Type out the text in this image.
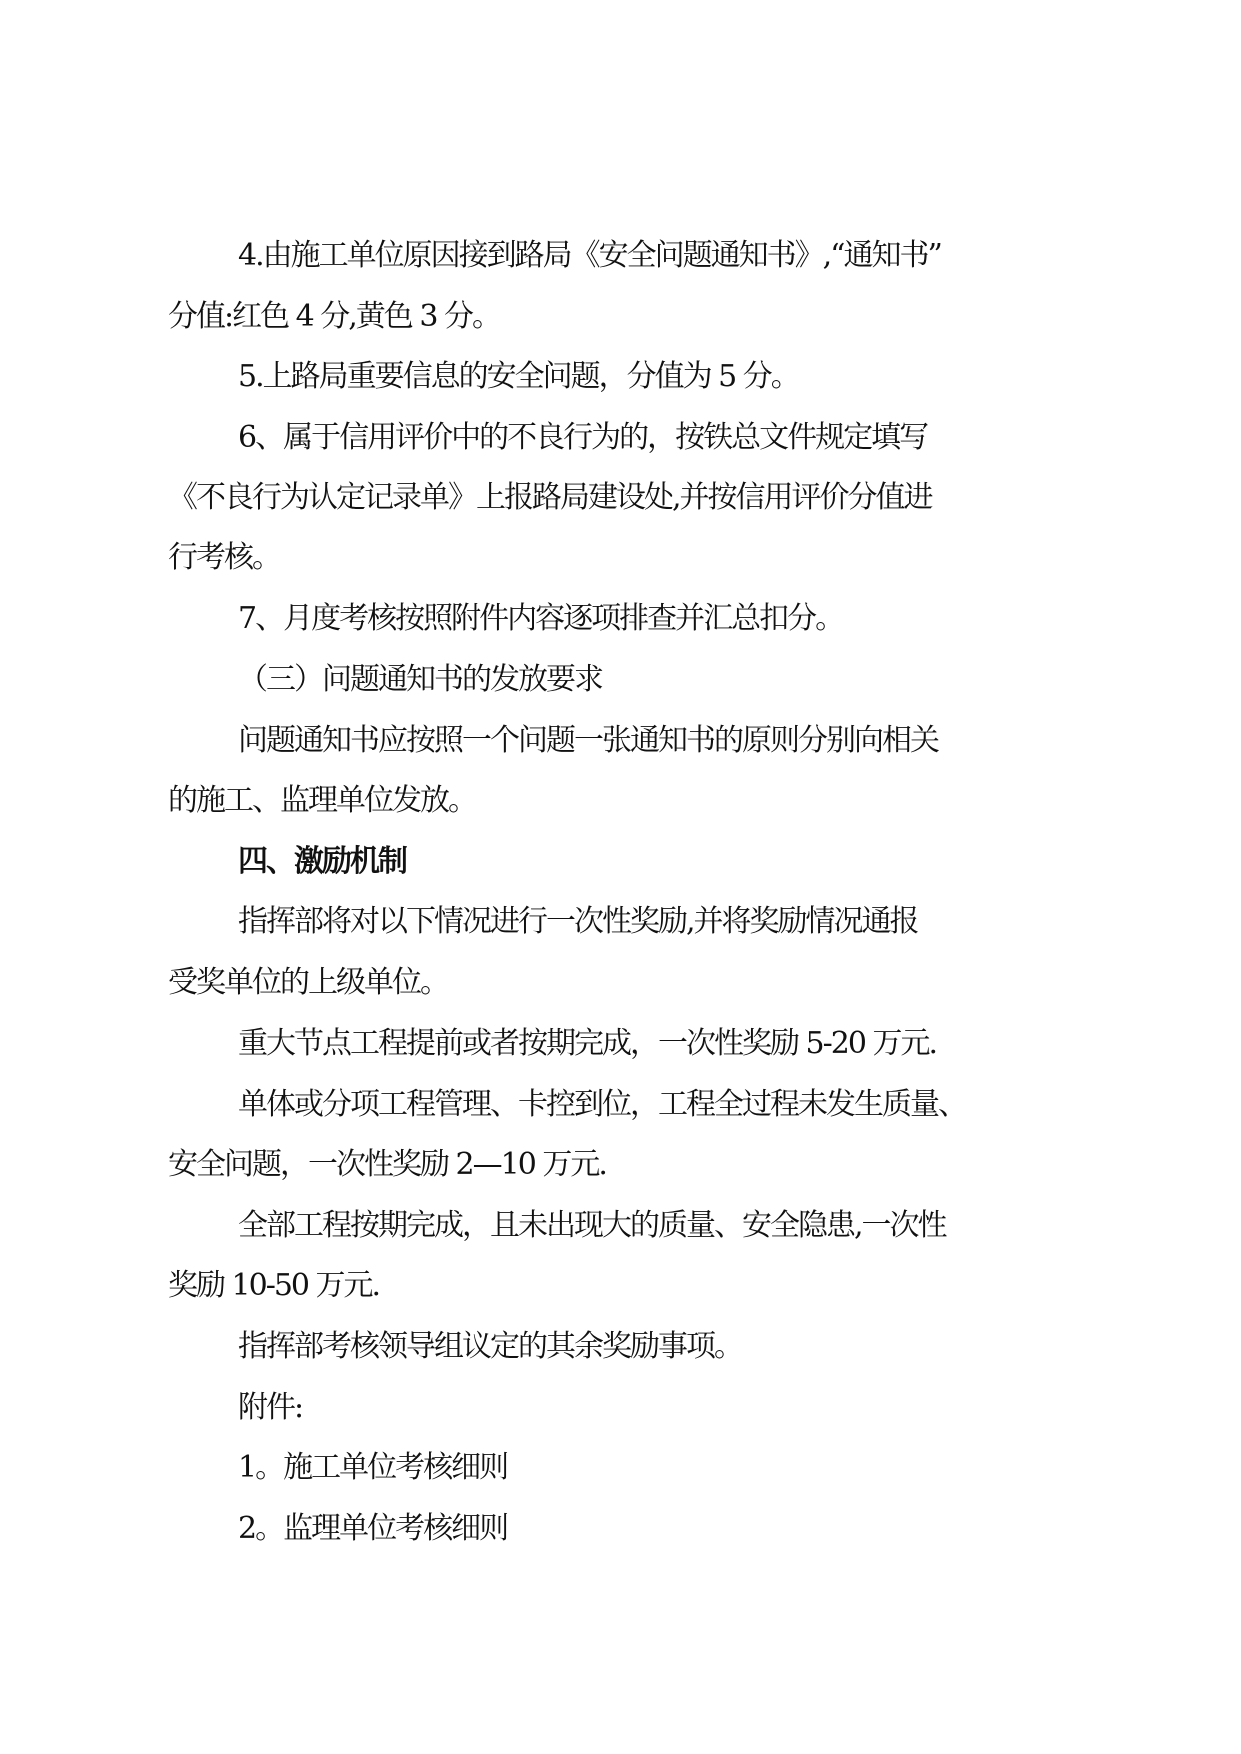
4.由施工单位原因接到路局《安全问题通知书》,“通知书”
分值:红色 4 分,黄色 3 分。
5.上路局重要信息的安全问题，分值为 5 分。
6、属于信用评价中的不良行为的，按铁总文件规定填写
《不良行为认定记录单》上报路局建设处,并按信用评价分值进
行考核。
7、月度考核按照附件内容逐项排查并汇总扣分。
（三）问题通知书的发放要求
问题通知书应按照一个问题一张通知书的原则分别向相关
的施工、监理单位发放。
四、激励机制
指挥部将对以下情况进行一次性奖励,并将奖励情况通报
受奖单位的上级单位。
重大节点工程提前或者按期完成，一次性奖励 5-20 万元.
单体或分项工程管理、卡控到位，工程全过程未发生质量、
安全问题，一次性奖励 2—10 万元.
全部工程按期完成，且未出现大的质量、安全隐患,一次性
奖励 10-50 万元.
指挥部考核领导组议定的其余奖励事项。
附件:
1。施工单位考核细则
2。监理单位考核细则
